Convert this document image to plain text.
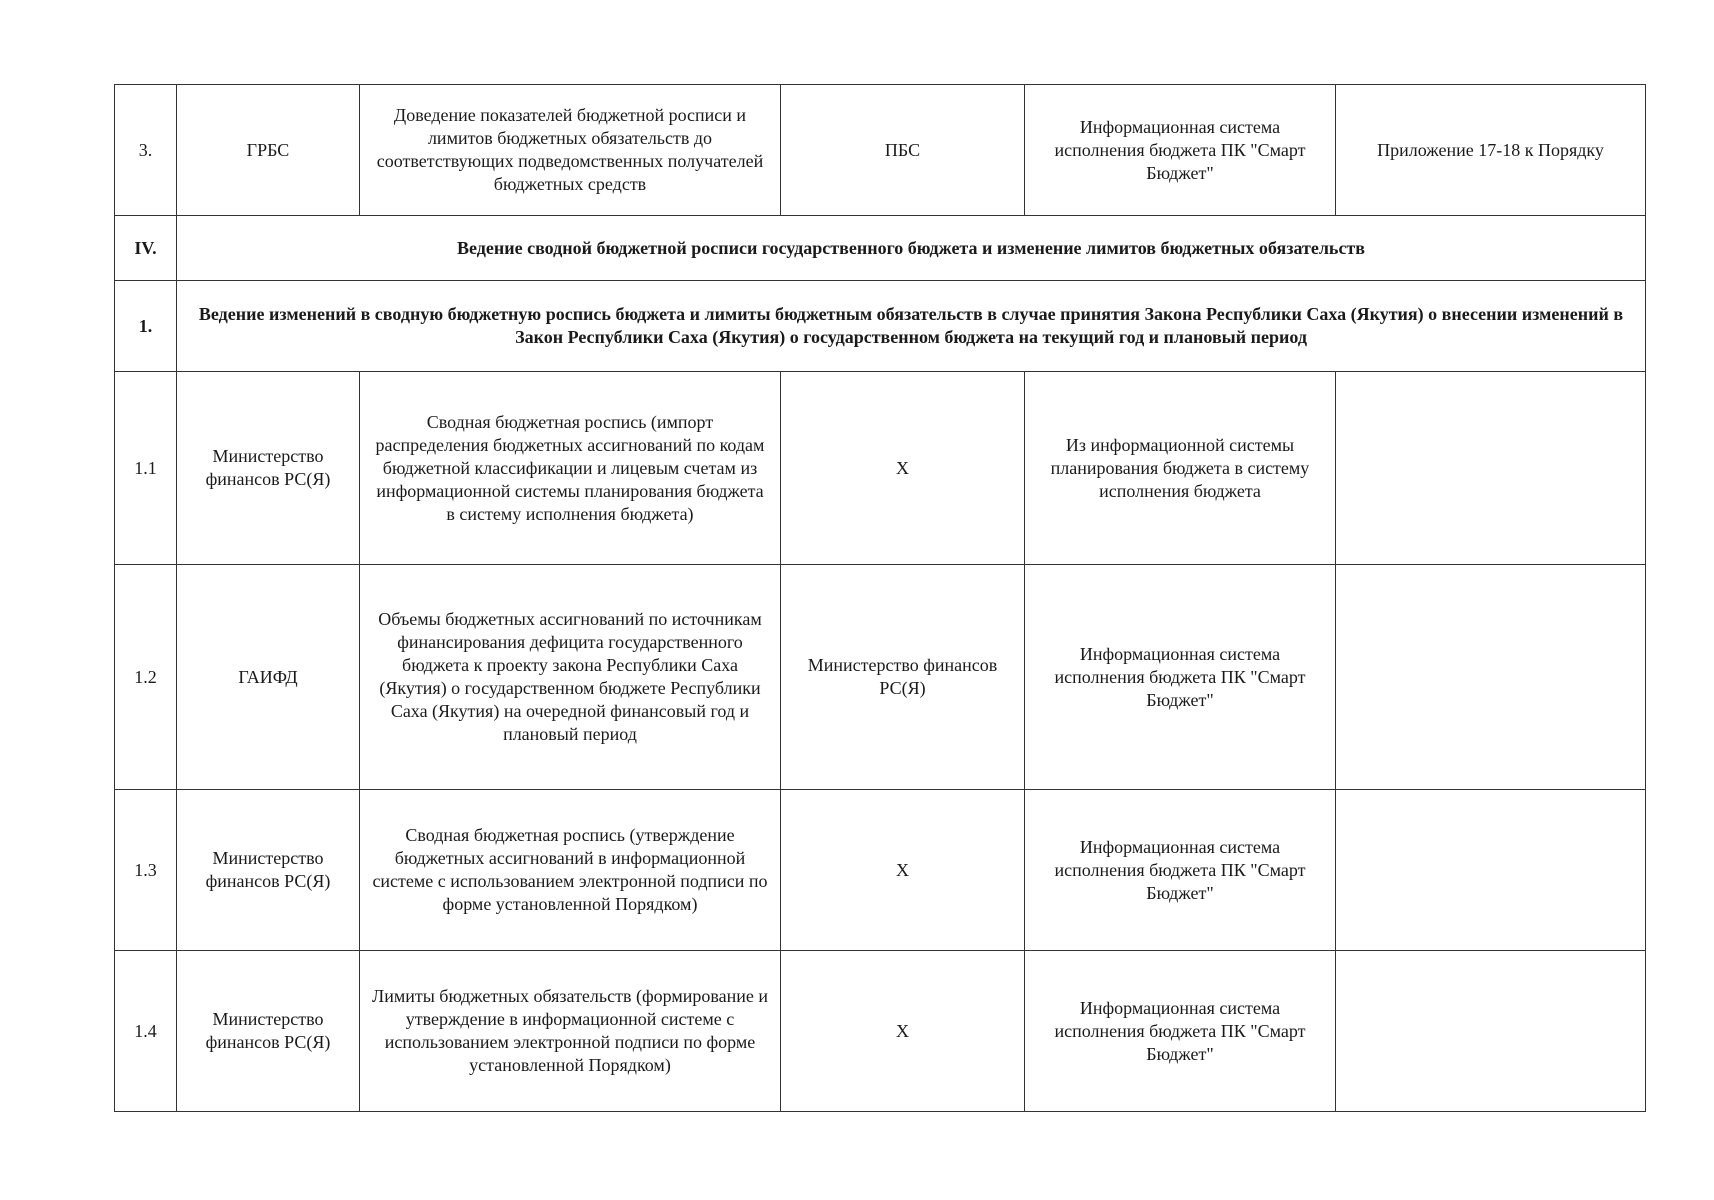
3.	ГРБС	Доведение показателей бюджетной росписи и лимитов бюджетных обязательств до соответствующих подведомственных получателей бюджетных средств	ПБС	Информационная система исполнения бюджета ПК "Смарт Бюджет"	Приложение 17-18 к Порядку
IV.	Ведение сводной бюджетной росписи государственного бюджета и изменение лимитов бюджетных обязательств				
1.	Ведение изменений в сводную бюджетную роспись бюджета и лимиты бюджетным обязательств в случае принятия Закона Республики Саха (Якутия) о внесении изменений в Закон Республики Саха (Якутия) о государственном бюджета на текущий год и плановый период				
1.1	Министерство финансов РС(Я)	Сводная бюджетная роспись (импорт распределения бюджетных ассигнований по кодам бюджетной классификации и лицевым счетам из информационной системы планирования бюджета в систему исполнения бюджета)	Х	Из информационной системы планирования бюджета в систему исполнения бюджета	
1.2	ГАИФД	Объемы бюджетных ассигнований по источникам финансирования дефицита государственного бюджета к проекту закона Республики Саха (Якутия) о государственном бюджете Республики Саха (Якутия) на очередной финансовый год и плановый период	Министерство финансов РС(Я)	Информационная система исполнения бюджета ПК "Смарт Бюджет"	
1.3	Министерство финансов РС(Я)	Сводная бюджетная роспись (утверждение бюджетных ассигнований в информационной системе с использованием электронной подписи по форме установленной Порядком)	Х	Информационная система исполнения бюджета ПК "Смарт Бюджет"	
1.4	Министерство финансов РС(Я)	Лимиты бюджетных обязательств (формирование и утверждение в информационной системе с использованием электронной подписи по форме установленной Порядком)	Х	Информационная система исполнения бюджета ПК "Смарт Бюджет"	
